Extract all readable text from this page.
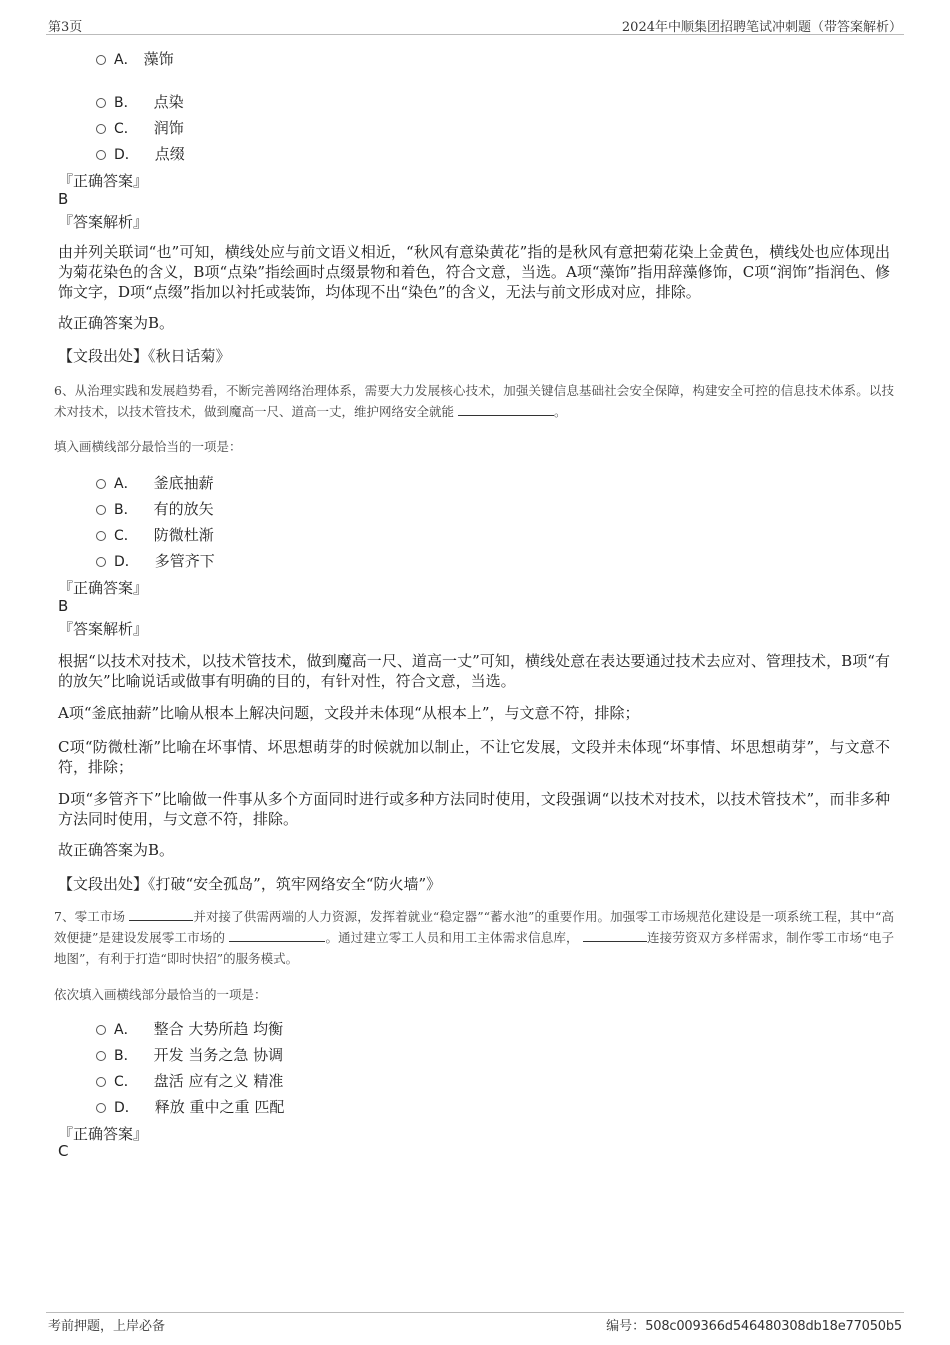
第3页	2024年中顺集团招聘笔试冲刺题（带答案解析）
A． 藻饰
B． 点染
C． 润饰
D． 点缀
『正确答案』
B
『答案解析』
由并列关联词“也”可知，横线处应与前文语义相近，“秋风有意染黄花”指的是秋风有意把菊花染上金黄色，横线处也应体现出为菊花染色的含义，B项“点染”指绘画时点缀景物和着色，符合文意，当选。A项“藻饰”指用辞藻修饰，C项“润饰”指润色、修饰文字，D项“点缀”指加以衬托或装饰，均体现不出“染色”的含义，无法与前文形成对应，排除。
故正确答案为B。
【文段出处】《秋日话菊》
6、从治理实践和发展趋势看，不断完善网络治理体系，需要大力发展核心技术，加强关键信息基础社会安全保障，构建安全可控的信息技术体系。以技术对技术，以技术管技术，做到魔高一尺、道高一丈，维护网络安全就能	。
填入画横线部分最恰当的一项是：
A． 釜底抽薪
B． 有的放矢
C． 防微杜渐
D． 多管齐下
『正确答案』
B
『答案解析』
根据“以技术对技术，以技术管技术，做到魔高一尺、道高一丈”可知，横线处意在表达要通过技术去应对、管理技术，B项“有的放矢”比喻说话或做事有明确的目的，有针对性，符合文意，当选。
A项“釜底抽薪”比喻从根本上解决问题，文段并未体现“从根本上”，与文意不符，排除；
C项“防微杜渐”比喻在坏事情、坏思想萌芽的时候就加以制止，不让它发展，文段并未体现“坏事情、坏思想萌芽”，与文意不符，排除；
D项“多管齐下”比喻做一件事从多个方面同时进行或多种方法同时使用，文段强调“以技术对技术，以技术管技术”，而非多种方法同时使用，与文意不符，排除。
故正确答案为B。
【文段出处】《打破“安全孤岛”，筑牢网络安全“防火墙”》
7、零工市场	并对接了供需两端的人力资源，发挥着就业“稳定器”“蓄水池”的重要作用。加强零工市场规范化建设是一项系统工程，其中“高效便捷”是建设发展零工市场的	。通过建立零工人员和用工主体需求信息库，	连接劳资双方多样需求，制作零工市场“电子地图”，有利于打造“即时快招”的服务模式。
依次填入画横线部分最恰当的一项是：
A． 整合 大势所趋 均衡
B． 开发 当务之急 协调
C． 盘活 应有之义 精准
D． 释放 重中之重 匹配
『正确答案』
C
考前押题，上岸必备	编号：508c009366d546480308db18e77050b5
